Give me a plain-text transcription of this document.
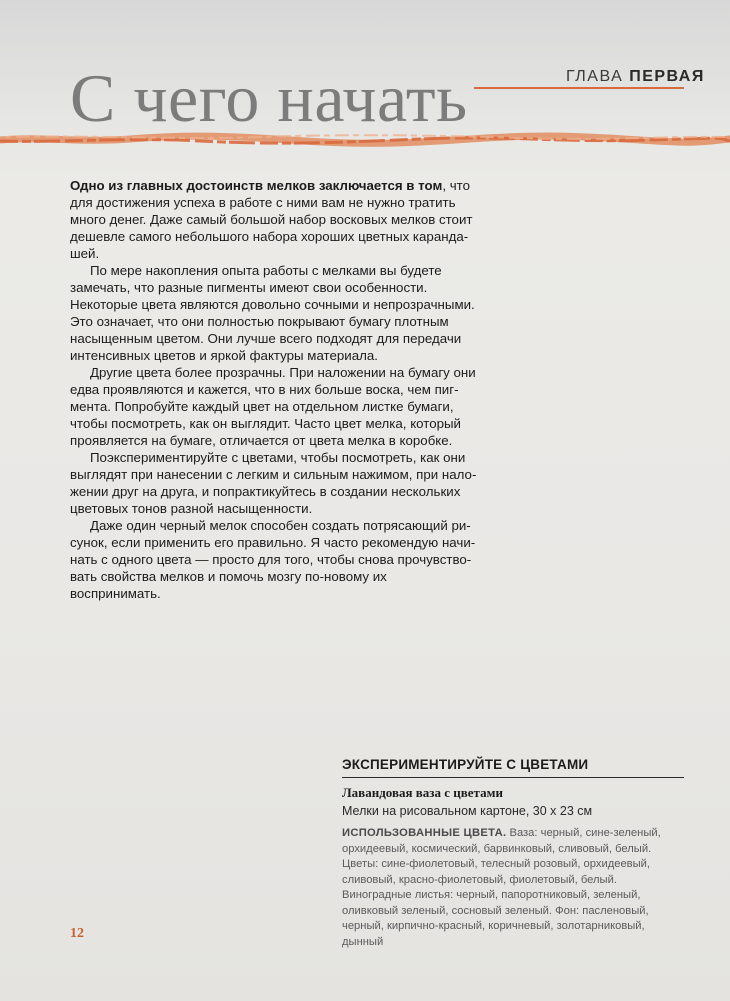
С чего начать	ГЛАВА ПЕРВАЯ

Одно из главных достоинств мелков заключается в том, что для достижения успеха в работе с ними вам не нужно тратить много денег. Даже самый большой набор восковых мелков стоит дешевле самого небольшого набора хороших цветных карандашей.

По мере накопления опыта работы с мелками вы будете замечать, что разные пигменты имеют свои особенности. Некоторые цвета являются довольно сочными и непрозрачными. Это означает, что они полностью покрывают бумагу плотным насыщенным цветом. Они лучше всего подходят для передачи интенсивных цветов и яркой фактуры материала.

Другие цвета более прозрачны. При наложении на бумагу они едва проявляются и кажется, что в них больше воска, чем пигмента. Попробуйте каждый цвет на отдельном листке бумаги, чтобы посмотреть, как он выглядит. Часто цвет мелка, который проявляется на бумаге, отличается от цвета мелка в коробке.

Поэкспериментируйте с цветами, чтобы посмотреть, как они выглядят при нанесении с легким и сильным нажимом, при наложении друг на друга, и попрактикуйтесь в создании нескольких цветовых тонов разной насыщенности.

Даже один черный мелок способен создать потрясающий рисунок, если применить его правильно. Я часто рекомендую начинать с одного цвета — просто для того, чтобы снова прочувствовать свойства мелков и помочь мозгу по-новому их воспринимать.

ЭКСПЕРИМЕНТИРУЙТЕ С ЦВЕТАМИ
Лавандовая ваза с цветами
Мелки на рисовальном картоне, 30 х 23 см
ИСПОЛЬЗОВАННЫЕ ЦВЕТА. Ваза: черный, сине-зеленый, орхидеевый, космический, барвинковый, сливовый, белый. Цветы: сине-фиолетовый, телесный розовый, орхидеевый, сливовый, красно-фиолетовый, фиолетовый, белый. Виноградные листья: черный, папоротниковый, зеленый, оливковый зеленый, сосновый зеленый. Фон: пасленовый, черный, кирпично-красный, коричневый, золотарниковый, дынный
12
